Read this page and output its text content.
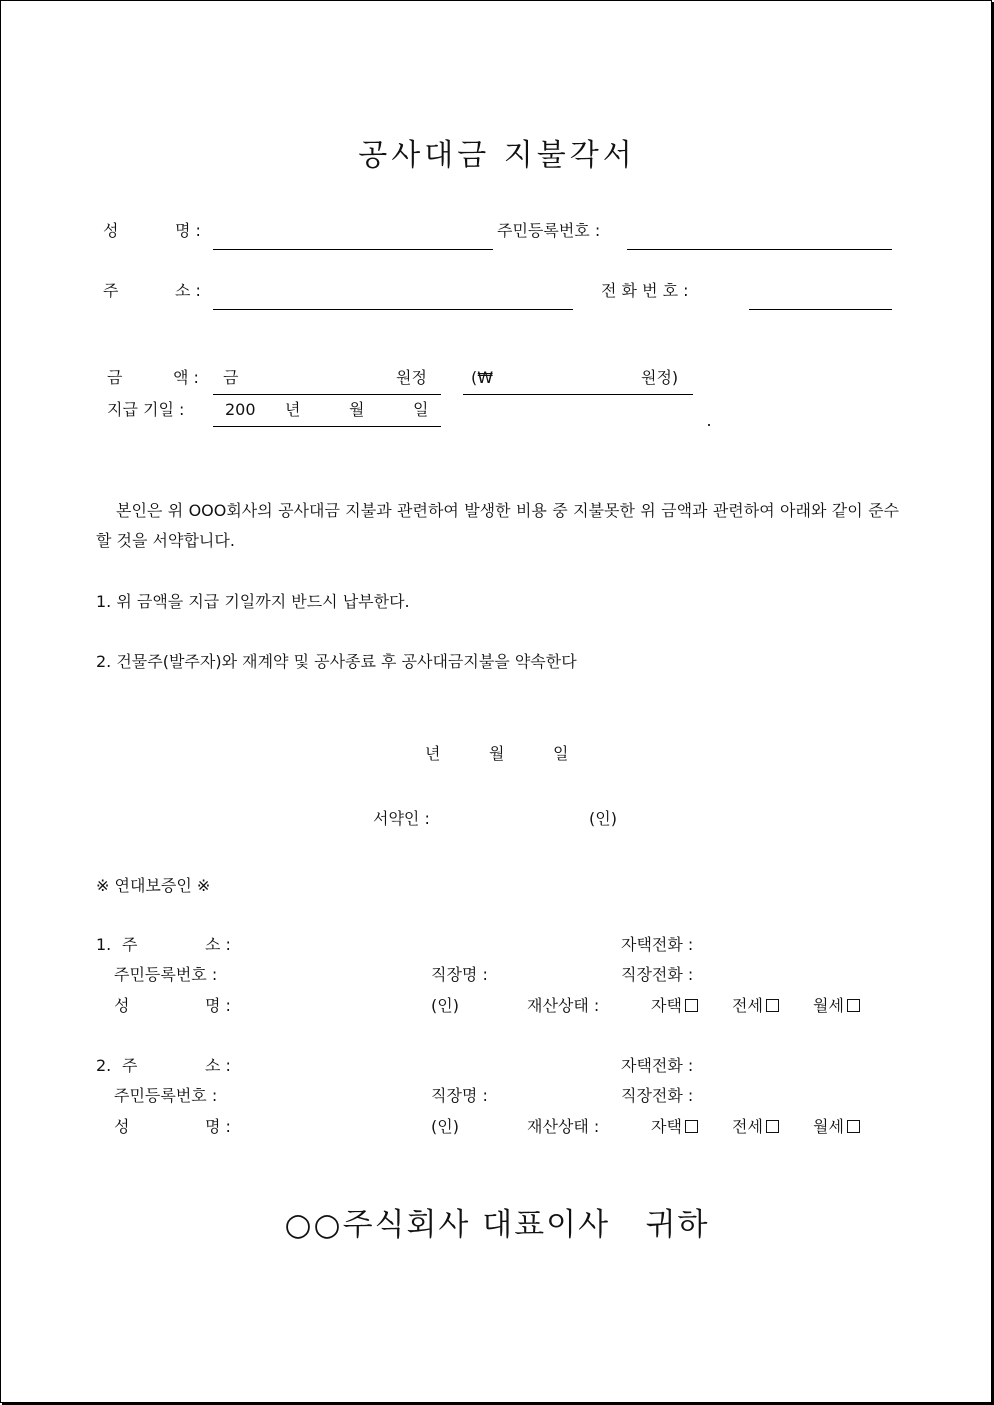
공사대금 지불각서
성	명 :	주민등록번호 :
주	소 :	전 화 번 호 :
금	액 : 금	원정	(₩	원정)
지급 기일 :	200 년	월	일
본인은 위 OOO회사의 공사대금 지불과 관련하여 발생한 비용 중 지불못한 위 금액과 관련하여 아래와 같이 준수할 것을 서약합니다.
1. 위 금액을 지급 기일까지 반드시 납부한다.
2. 건물주(발주자)와 재계약 및 공사종료 후 공사대금지불을 약속한다
년	월	일
서약인 :	(인)
※ 연대보증인 ※
1. 주	소 :	자택전화 :
주민등록번호 :	직장명 :	직장전화 :
성	명 :	(인)	재산상태 :	자택	전세	월세
2. 주	소 :	자택전화 :
주민등록번호 :	직장명 :	직장전화 :
성	명 :	(인)	재산상태 :	자택	전세	월세
○○주식회사 대표이사   귀하
